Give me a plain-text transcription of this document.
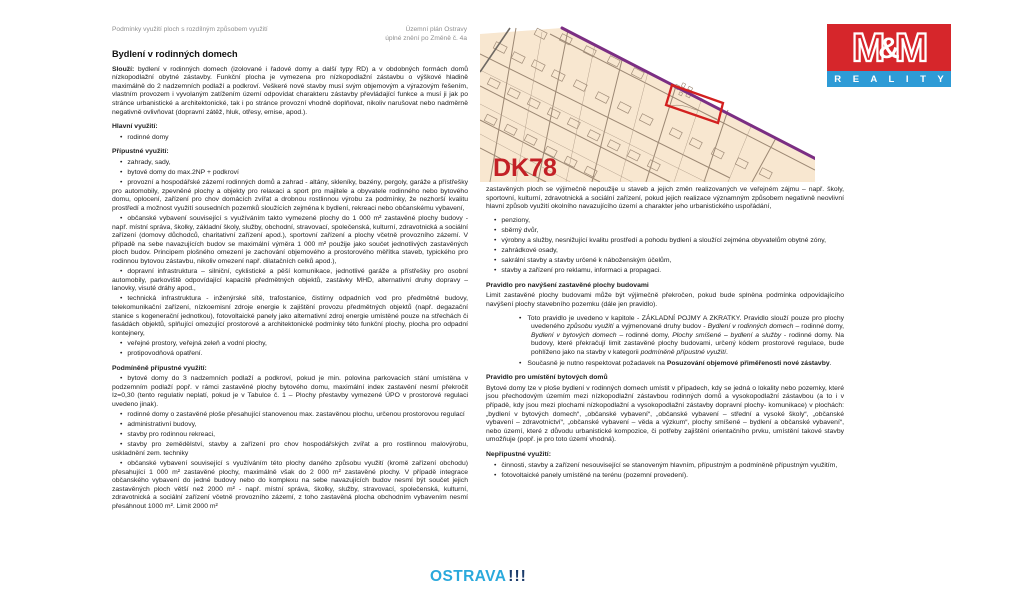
Podmínky využití ploch s rozdílným způsobem využití	Územní plán Ostravy
úplné znění po Změně č. 4a
Bydlení v rodinných domech
Slouží: bydlení v rodinných domech (izolované i řadové domy a další typy RD) a v obdobných formách domů nízkopodlažní obytné zástavby. Funkční plocha je vymezena pro nízkopodlažní zástavbu o výškové hladině maximálně do 2 nadzemních podlaží a podkroví. Veškeré nové stavby musí svým objemovým a výrazovým řešením, vlastním provozem i vyvolaným zatížením území odpovídat charakteru zástavby převládající funkce a musí ji jak po stránce urbanistické a architektonické, tak i po stránce provozní vhodně doplňovat, nikoliv narušovat nebo nadměrně negativně ovlivňovat (dopravní zátěž, hluk, otřesy, emise, apod.).
Hlavní využití:
• rodinné domy
Přípustné využití:
• zahrady, sady,
• bytové domy do max.2NP + podkroví
• provozní a hospodářské zázemí rodinných domů a zahrad - altány, skleníky, bazény, pergoly, garáže a přístřešky pro automobily, zpevněné plochy a objekty pro relaxaci a sport pro majitele a obyvatele rodinného nebo bytového domu, oplocení, zařízení pro chov domácích zvířat a drobnou rostlinnou výrobu za podmínky, že nezhorší kvalitu prostředí a možnost využití sousedních pozemků sloužících zejména k bydlení, rekreaci nebo občanskému vybavení,
• občanské vybavení související s využíváním takto vymezené plochy do 1 000 m² zastavěné plochy budovy - např. místní správa, školky, základní školy, služby, obchodní, stravovací, společenská, kulturní, zdravotnická a sociální zařízení (domovy důchodců, charitativní zařízení apod.), sportovní zařízení a plochy včetně provozního zázemí. V případě na sebe navazujících budov se maximální výměra 1 000 m² použije jako součet jednotlivých zastavěných ploch budov. Principem plošného omezení je zachování objemového a prostorového měřítka staveb, typického pro rodinnou bytovou zástavbu, nikoliv omezení např. dilatačních celků apod.),
• dopravní infrastruktura – silniční, cyklistické a pěší komunikace, jednotlivé garáže a přístřešky pro osobní automobily, parkoviště odpovídající kapacitě předmětných objektů, zastávky MHD, alternativní druhy dopravy – lanovky, visuté dráhy apod.,
• technická infrastruktura - inženýrské sítě, trafostanice, čistírny odpadních vod pro předmětné budovy, telekomunikační zařízení, nízkoemisní zdroje energie k zajištění provozu předmětných objektů (např. degazační stanice s kogenerační jednotkou), fotovoltaické panely jako alternativní zdroj energie umístěné pouze na střechách či fasádách objektů, splňující omezující prostorové a architektonické podmínky této funkční plochy, plocha pro odpadní kontejnery,
• veřejné prostory, veřejná zeleň a vodní plochy,
• protipovodňová opatření.
Podmíněně přípustné využití:
• bytové domy do 3 nadzemních podlaží a podkroví, pokud je min. polovina parkovacích stání umístěna v podzemním podlaží popř. v rámci zastavěné plochy bytového domu, maximální index zastavění nesmí překročit Iz=0,30 (tento regulativ neplatí, pokud je v Tabulce č. 1 – Plochy přestavby vymezené ÚPO v prostorové regulaci uvedeno jinak).
• rodinné domy o zastavěné ploše přesahující stanovenou max. zastavěnou plochu, určenou prostorovou regulací
• administrativní budovy,
• stavby pro rodinnou rekreaci,
• stavby pro zemědělství, stavby a zařízení pro chov hospodářských zvířat a pro rostlinnou malovýrobu, uskladnění zem. techniky
• občanské vybavení související s využíváním této plochy daného způsobu využití (kromě zařízení obchodu) přesahující 1 000 m² zastavěné plochy, maximálně však do 2 000 m² zastavěné plochy. V případě integrace občanského vybavení do jedné budovy nebo do komplexu na sebe navazujících budov nesmí být součet jejich zastavěných ploch větší než 2000 m² - např. místní správa, školky, služby, stravovací, společenská, kulturní, zdravotnická a sociální zařízení včetně provozního zázemí, z toho zastavěná plocha obchodním vybavením nesmí přesáhnout 1000 m². Limit 2000 m²
zastavěných ploch se výjimečně nepoužije u staveb a jejich změn realizovaných ve veřejném zájmu – např. školy, sportovní, kulturní, zdravotnická a sociální zařízení, pokud jejich realizace významným způsobem negativně neovlivní hlavní způsob využití okolního navazujícího území a charakter jeho urbanistického uspořádání,
• penziony,
• sběrný dvůr,
• výrobny a služby, nesnižující kvalitu prostředí a pohodu bydlení a sloužící zejména obyvatelům obytné zóny,
• zahrádkové osady,
• sakrální stavby a stavby určené k náboženským účelům,
• stavby a zařízení pro reklamu, informaci a propagaci.
Pravidlo pro navýšení zastavěné plochy budovami
Limit zastavěné plochy budovami může být výjimečně překročen, pokud bude splněna podmínka odpovídajícího navýšení plochy stavebního pozemku (dále jen pravidlo).
• Toto pravidlo je uvedeno v kapitole - ZÁKLADNÍ POJMY A ZKRATKY. Pravidlo slouží pouze pro plochy uvedeného způsobu využití a vyjmenované druhy budov - Bydlení v rodinných domech – rodinné domy, Bydlení v bytových domech – rodinné domy, Plochy smíšené – bydlení a služby - rodinné domy. Na budovy, které překračují limit zastavěné plochy budovami, určený kódem prostorové regulace, bude pohlíženo jako na stavby v kategorii podmíněně přípustné využití.
• Současně je nutno respektovat požadavek na Posuzování objemové přiměřenosti nové zástavby.
Pravidlo pro umístění bytových domů
Bytové domy lze v ploše bydlení v rodinných domech umístit v případech, kdy se jedná o lokality nebo pozemky, které jsou přechodovým územím mezi nízkopodlažní zástavbou rodinných domů a vysokopodlažní zástavbou (a to i v případě, kdy jsou mezi plochami nízkopodlažní a vysokopodlažní zástavby dopravní plochy- komunikace) v plochách: „bydlení v bytových domech“, „občanské vybavení“, „občanské vybavení – střední a vysoké školy“, „občanské vybavení – zdravotnictví“, „občanské vybavení – věda a výzkum“, plochy smíšené – bydlení a občanské vybavení“, nebo území, které z důvodu urbanistické kompozice, či potřeby zajištění orientačního prvku, umístění takové stavby umožňuje (popř. je pro toto území vhodná).
Nepřípustné využití:
• činnosti, stavby a zařízení nesouvisející se stanoveným hlavním, přípustným a podmíněně přípustným využitím,
• fotovoltaické panely umístěné na terénu (pozemní provedení).
DK78
M
&
M
R E A L I T Y
OSTRAVA !!!
